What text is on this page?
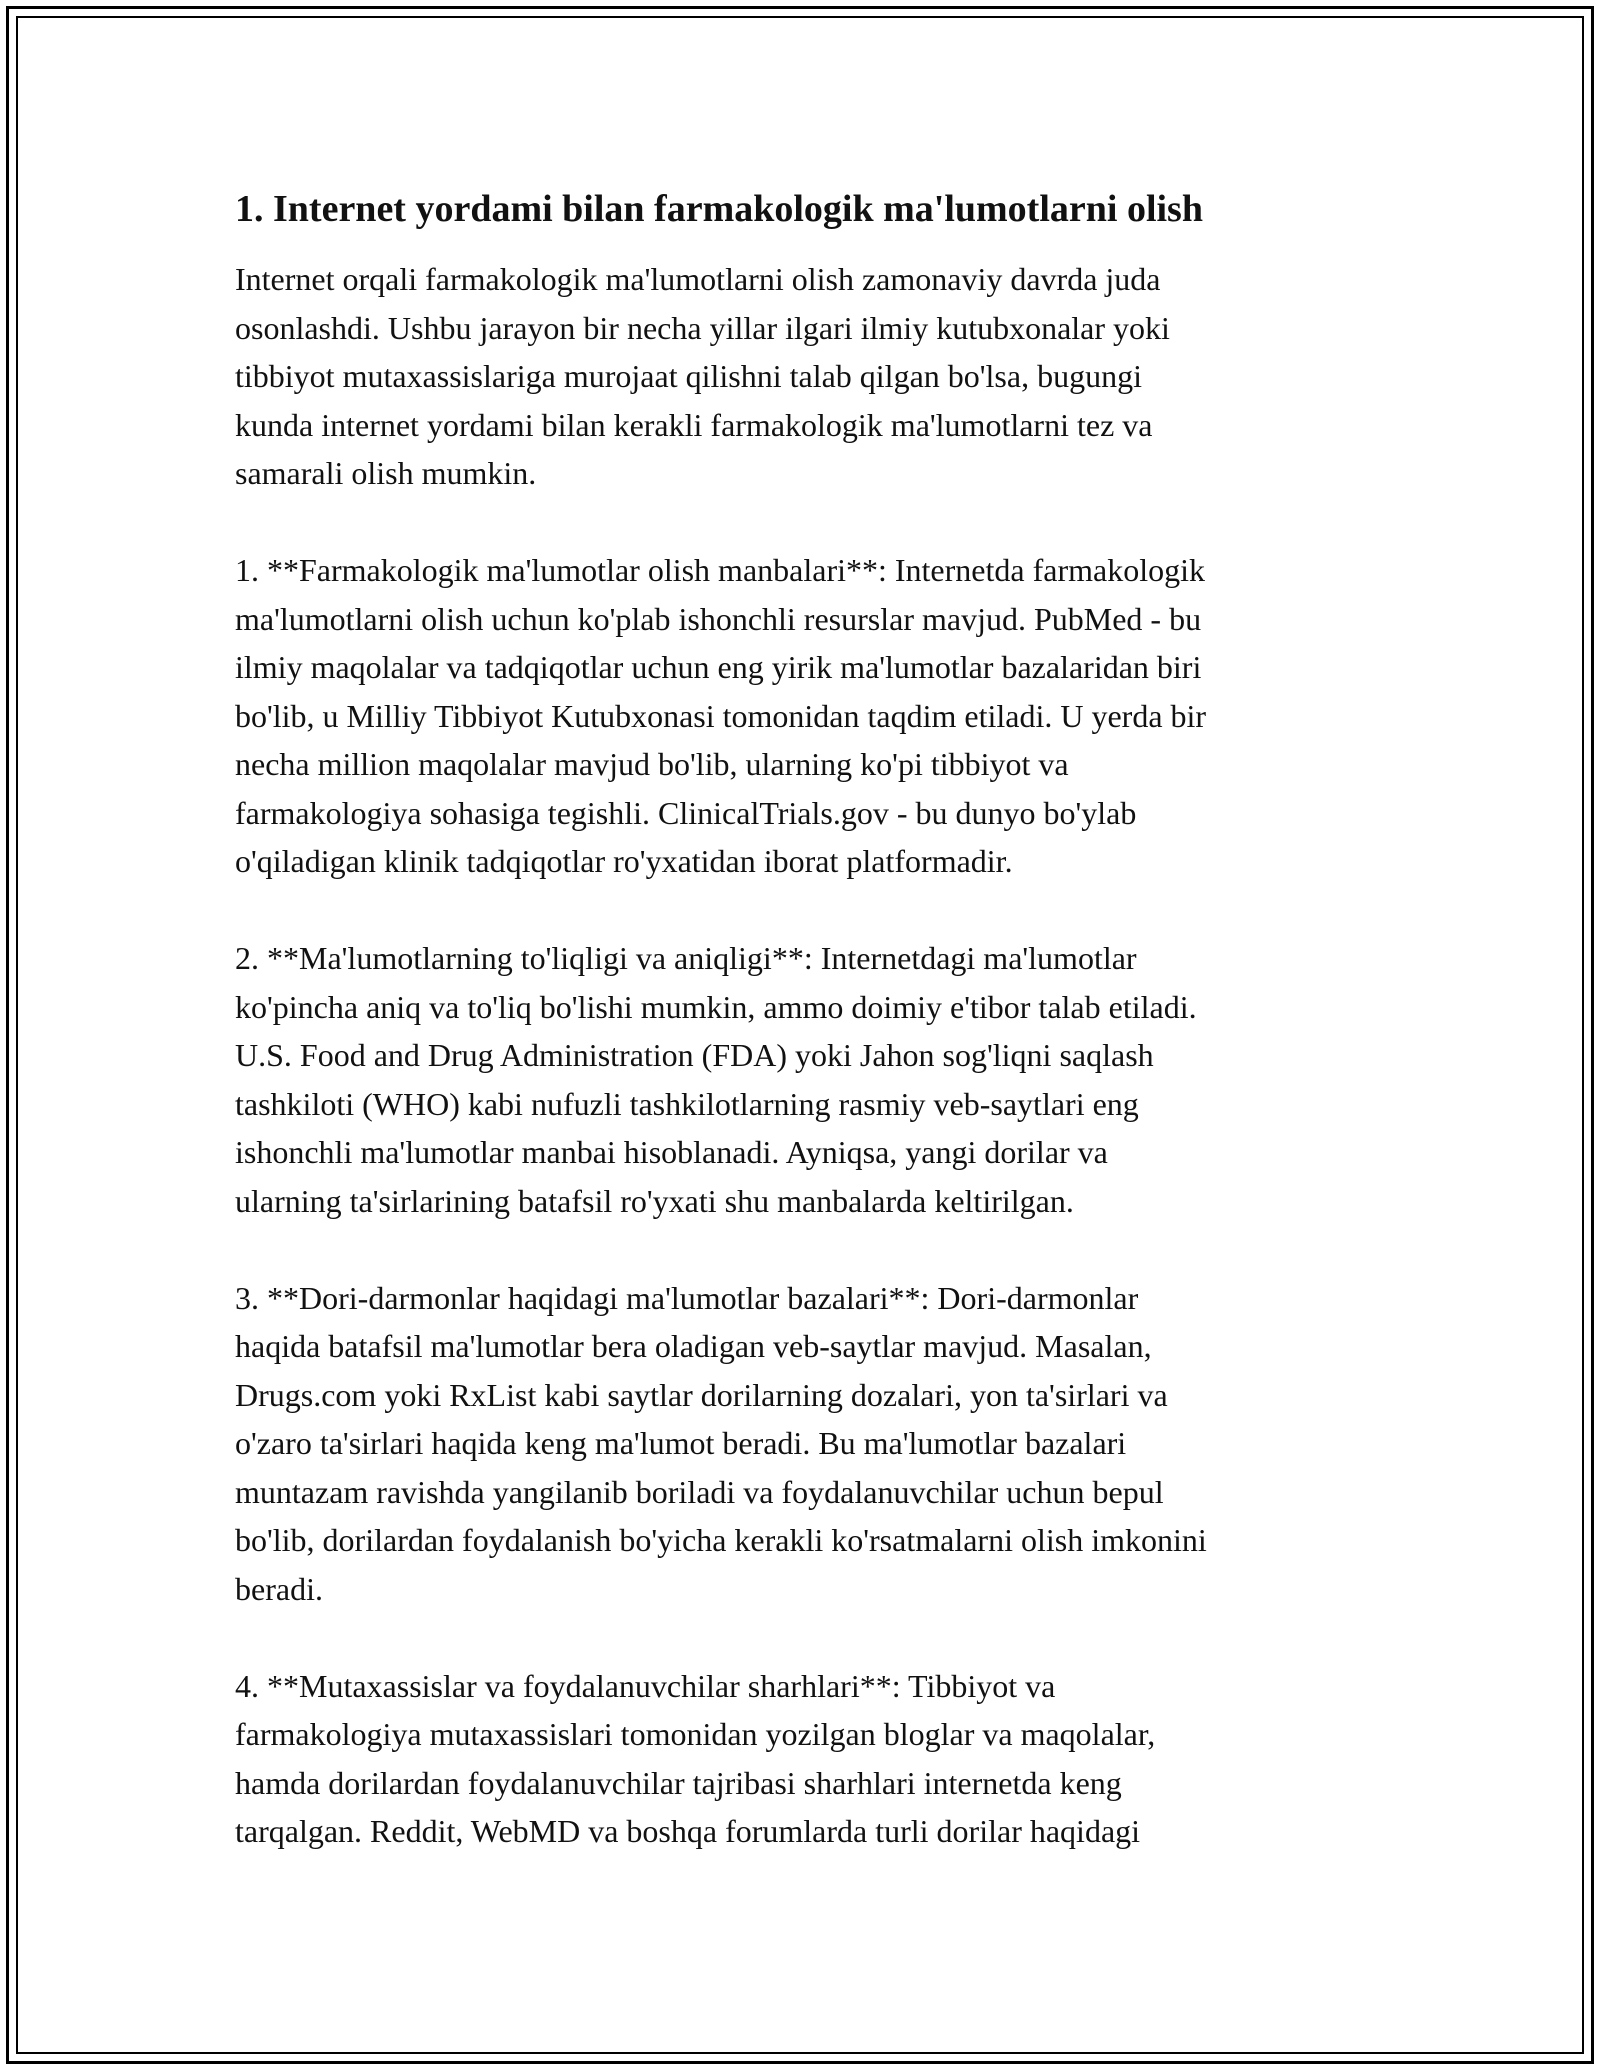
1. Internet yordami bilan farmakologik ma'lumotlarni olish

Internet orqali farmakologik ma'lumotlarni olish zamonaviy davrda juda
osonlashdi. Ushbu jarayon bir necha yillar ilgari ilmiy kutubxonalar yoki
tibbiyot mutaxassislariga murojaat qilishni talab qilgan bo'lsa, bugungi
kunda internet yordami bilan kerakli farmakologik ma'lumotlarni tez va
samarali olish mumkin.

1. **Farmakologik ma'lumotlar olish manbalari**: Internetda farmakologik
ma'lumotlarni olish uchun ko'plab ishonchli resurslar mavjud. PubMed - bu
ilmiy maqolalar va tadqiqotlar uchun eng yirik ma'lumotlar bazalaridan biri
bo'lib, u Milliy Tibbiyot Kutubxonasi tomonidan taqdim etiladi. U yerda bir
necha million maqolalar mavjud bo'lib, ularning ko'pi tibbiyot va
farmakologiya sohasiga tegishli. ClinicalTrials.gov - bu dunyo bo'ylab
o'qiladigan klinik tadqiqotlar ro'yxatidan iborat platformadir.

2. **Ma'lumotlarning to'liqligi va aniqligi**: Internetdagi ma'lumotlar
ko'pincha aniq va to'liq bo'lishi mumkin, ammo doimiy e'tibor talab etiladi.
U.S. Food and Drug Administration (FDA) yoki Jahon sog'liqni saqlash
tashkiloti (WHO) kabi nufuzli tashkilotlarning rasmiy veb-saytlari eng
ishonchli ma'lumotlar manbai hisoblanadi. Ayniqsa, yangi dorilar va
ularning ta'sirlarining batafsil ro'yxati shu manbalarda keltirilgan.

3. **Dori-darmonlar haqidagi ma'lumotlar bazalari**: Dori-darmonlar
haqida batafsil ma'lumotlar bera oladigan veb-saytlar mavjud. Masalan,
Drugs.com yoki RxList kabi saytlar dorilarning dozalari, yon ta'sirlari va
o'zaro ta'sirlari haqida keng ma'lumot beradi. Bu ma'lumotlar bazalari
muntazam ravishda yangilanib boriladi va foydalanuvchilar uchun bepul
bo'lib, dorilardan foydalanish bo'yicha kerakli ko'rsatmalarni olish imkonini
beradi.

4. **Mutaxassislar va foydalanuvchilar sharhlari**: Tibbiyot va
farmakologiya mutaxassislari tomonidan yozilgan bloglar va maqolalar,
hamda dorilardan foydalanuvchilar tajribasi sharhlari internetda keng
tarqalgan. Reddit, WebMD va boshqa forumlarda turli dorilar haqidagi
